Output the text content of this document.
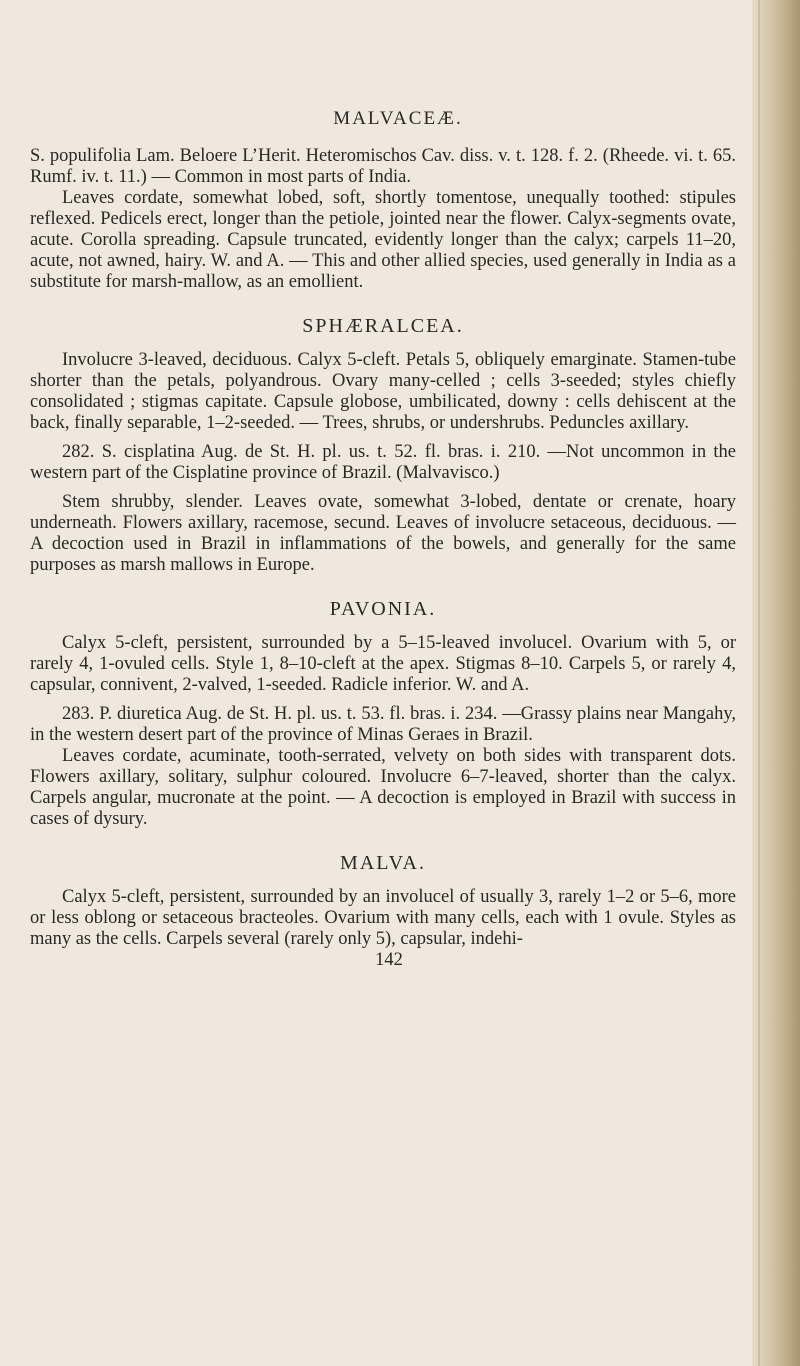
MALVACEÆ.

S. populifolia Lam. Beloere L’Herit. Heteromischos Cav. diss. v. t. 128. f. 2. (Rheede. vi. t. 65. Rumf. iv. t. 11.) — Common in most parts of India.

Leaves cordate, somewhat lobed, soft, shortly tomentose, unequally toothed: stipules reflexed. Pedicels erect, longer than the petiole, jointed near the flower. Calyx-segments ovate, acute. Corolla spreading. Capsule truncated, evidently longer than the calyx; carpels 11–20, acute, not awned, hairy. W. and A. — This and other allied species, used generally in India as a substitute for marsh-mallow, as an emollient.

SPHÆRALCEA.

Involucre 3-leaved, deciduous. Calyx 5-cleft. Petals 5, obliquely emarginate. Stamen-tube shorter than the petals, polyandrous. Ovary many-celled ; cells 3-seeded; styles chiefly consolidated ; stigmas capitate. Capsule globose, umbilicated, downy : cells dehiscent at the back, finally separable, 1–2-seeded. — Trees, shrubs, or undershrubs. Peduncles axillary.

282. S. cisplatina Aug. de St. H. pl. us. t. 52. fl. bras. i. 210. —Not uncommon in the western part of the Cisplatine province of Brazil. (Malvavisco.)

Stem shrubby, slender. Leaves ovate, somewhat 3-lobed, dentate or crenate, hoary underneath. Flowers axillary, racemose, secund. Leaves of involucre setaceous, deciduous. — A decoction used in Brazil in inflammations of the bowels, and generally for the same purposes as marsh mallows in Europe.

PAVONIA.

Calyx 5-cleft, persistent, surrounded by a 5–15-leaved involucel. Ovarium with 5, or rarely 4, 1-ovuled cells. Style 1, 8–10-cleft at the apex. Stigmas 8–10. Carpels 5, or rarely 4, capsular, connivent, 2-valved, 1-seeded. Radicle inferior. W. and A.

283. P. diuretica Aug. de St. H. pl. us. t. 53. fl. bras. i. 234. —Grassy plains near Mangahy, in the western desert part of the province of Minas Geraes in Brazil.

Leaves cordate, acuminate, tooth-serrated, velvety on both sides with transparent dots. Flowers axillary, solitary, sulphur coloured. Involucre 6–7-leaved, shorter than the calyx. Carpels angular, mucronate at the point. — A decoction is employed in Brazil with success in cases of dysury.

MALVA.

Calyx 5-cleft, persistent, surrounded by an involucel of usually 3, rarely 1–2 or 5–6, more or less oblong or setaceous bracteoles. Ovarium with many cells, each with 1 ovule. Styles as many as the cells. Carpels several (rarely only 5), capsular, indehi-

142
